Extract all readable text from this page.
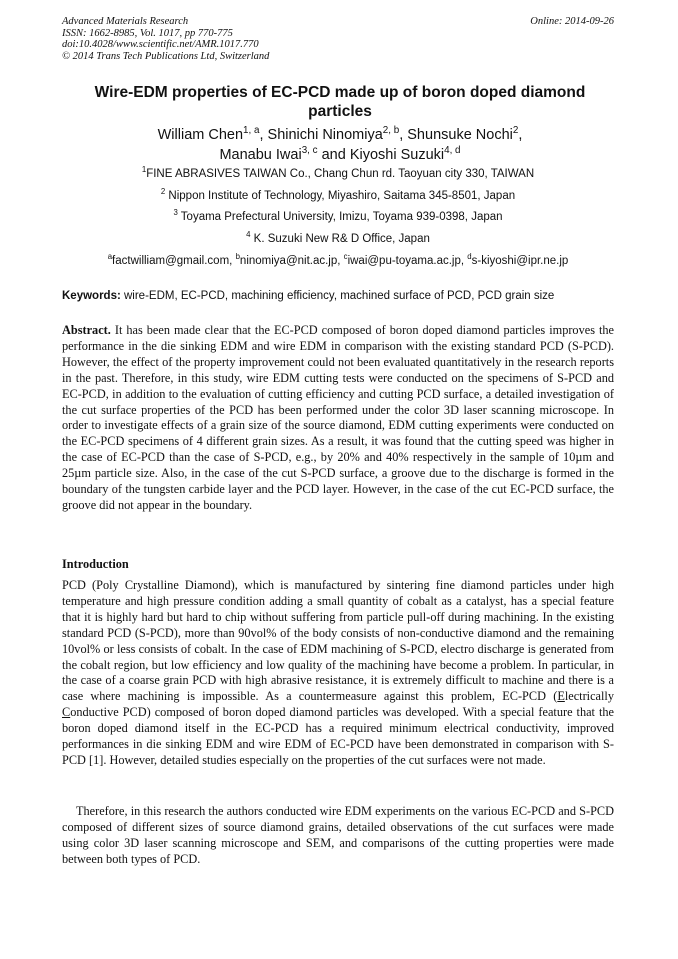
Advanced Materials Research
ISSN: 1662-8985, Vol. 1017, pp 770-775
doi:10.4028/www.scientific.net/AMR.1017.770
© 2014 Trans Tech Publications Ltd, Switzerland
Online: 2014-09-26
Wire-EDM properties of EC-PCD made up of boron doped diamond particles
William Chen$^{1, a}$, Shinichi Ninomiya$^{2, b}$, Shunsuke Nochi$^2$,
Manabu Iwai$^{3, c}$ and Kiyoshi Suzuki$^{4, d}$
$^1$FINE ABRASIVES TAIWAN Co., Chang Chun rd. Taoyuan city 330, TAIWAN
$^2$ Nippon Institute of Technology, Miyashiro, Saitama 345-8501, Japan
$^3$ Toyama Prefectural University, Imizu, Toyama 939-0398, Japan
$^4$ K. Suzuki New R& D Office, Japan
$^a$factwilliam@gmail.com, $^b$ninomiya@nit.ac.jp, $^c$iwai@pu-toyama.ac.jp, $^d$s-kiyoshi@ipr.ne.jp
Keywords: wire-EDM, EC-PCD, machining efficiency, machined surface of PCD, PCD grain size
Abstract. It has been made clear that the EC-PCD composed of boron doped diamond particles improves the performance in the die sinking EDM and wire EDM in comparison with the existing standard PCD (S-PCD). However, the effect of the property improvement could not been evaluated quantitatively in the research reports in the past. Therefore, in this study, wire EDM cutting tests were conducted on the specimens of S-PCD and EC-PCD, in addition to the evaluation of cutting efficiency and cutting PCD surface, a detailed investigation of the cut surface properties of the PCD has been performed under the color 3D laser scanning microscope. In order to investigate effects of a grain size of the source diamond, EDM cutting experiments were conducted on the EC-PCD specimens of 4 different grain sizes. As a result, it was found that the cutting speed was higher in the case of EC-PCD than the case of S-PCD, e.g., by 20% and 40% respectively in the sample of 10µm and 25µm particle size. Also, in the case of the cut S-PCD surface, a groove due to the discharge is formed in the boundary of the tungsten carbide layer and the PCD layer. However, in the case of the cut EC-PCD surface, the groove did not appear in the boundary.
Introduction
PCD (Poly Crystalline Diamond), which is manufactured by sintering fine diamond particles under high temperature and high pressure condition adding a small quantity of cobalt as a catalyst, has a special feature that it is highly hard but hard to chip without suffering from particle pull-off during machining. In the existing standard PCD (S-PCD), more than 90vol% of the body consists of non-conductive diamond and the remaining 10vol% or less consists of cobalt. In the case of EDM machining of S-PCD, electro discharge is generated from the cobalt region, but low efficiency and low quality of the machining have become a problem. In particular, in the case of a coarse grain PCD with high abrasive resistance, it is extremely difficult to machine and there is a case where machining is impossible. As a countermeasure against this problem, EC-PCD (Electrically Conductive PCD) composed of boron doped diamond particles was developed. With a special feature that the boron doped diamond itself in the EC-PCD has a required minimum electrical conductivity, improved performances in die sinking EDM and wire EDM of EC-PCD have been demonstrated in comparison with S-PCD [1]. However, detailed studies especially on the properties of the cut surfaces were not made.
Therefore, in this research the authors conducted wire EDM experiments on the various EC-PCD and S-PCD composed of different sizes of source diamond grains, detailed observations of the cut surfaces were made using color 3D laser scanning microscope and SEM, and comparisons of the cutting properties were made between both types of PCD.
